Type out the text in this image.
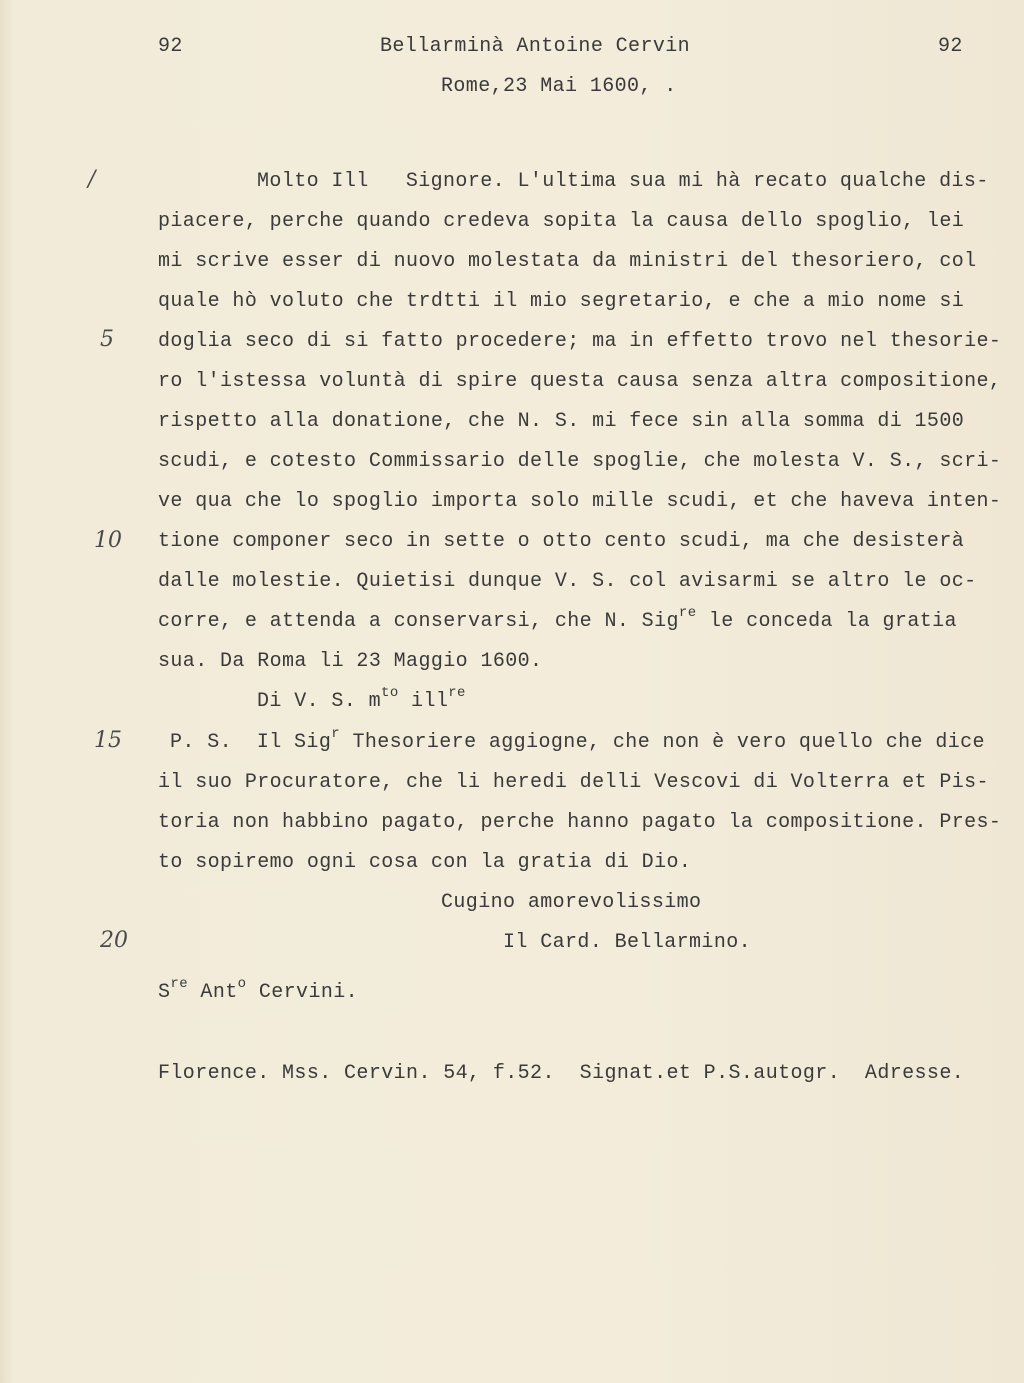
92	Bellarminà Antoine Cervin	92
Rome,23 Mai 1600, .
/
5
10
15
20
Molto Ill   Signore. L'ultima sua mi hà recato qualche dis-
piacere, perche quando credeva sopita la causa dello spoglio, lei
mi scrive esser di nuovo molestata da ministri del thesoriero, col
quale hò voluto che trdtti il mio segretario, e che a mio nome si
doglia seco di si fatto procedere; ma in effetto trovo nel thesorie-
ro l'istessa voluntà di spire questa causa senza altra compositione,
rispetto alla donatione, che N. S. mi fece sin alla somma di 1500
scudi, e cotesto Commissario delle spoglie, che molesta V. S., scri-
ve qua che lo spoglio importa solo mille scudi, et che haveva inten-
tione componer seco in sette o otto cento scudi, ma che desisterà
dalle molestie. Quietisi dunque V. S. col avisarmi se altro le oc-
corre, e attenda a conservarsi, che N. Sig$^{re}$ le conceda la gratia
sua. Da Roma li 23 Maggio 1600.
Di V. S. $m^{to}$ ill$^{re}$
P. S.  Il Sig$^r$ Thesoriere aggiogne, che non è vero quello che dice
il suo Procuratore, che li heredi delli Vescovi di Volterra et Pis-
toria non habbino pagato, perche hanno pagato la compositione. Pres-
to sopiremo ogni cosa con la gratia di Dio.
Cugino amorevolissimo
Il Card. Bellarmino.
$S^{re}$ Ant$^o$ Cervini.
Florence. Mss. Cervin. 54, f.52.  Signat.et P.S.autogr.  Adresse.
